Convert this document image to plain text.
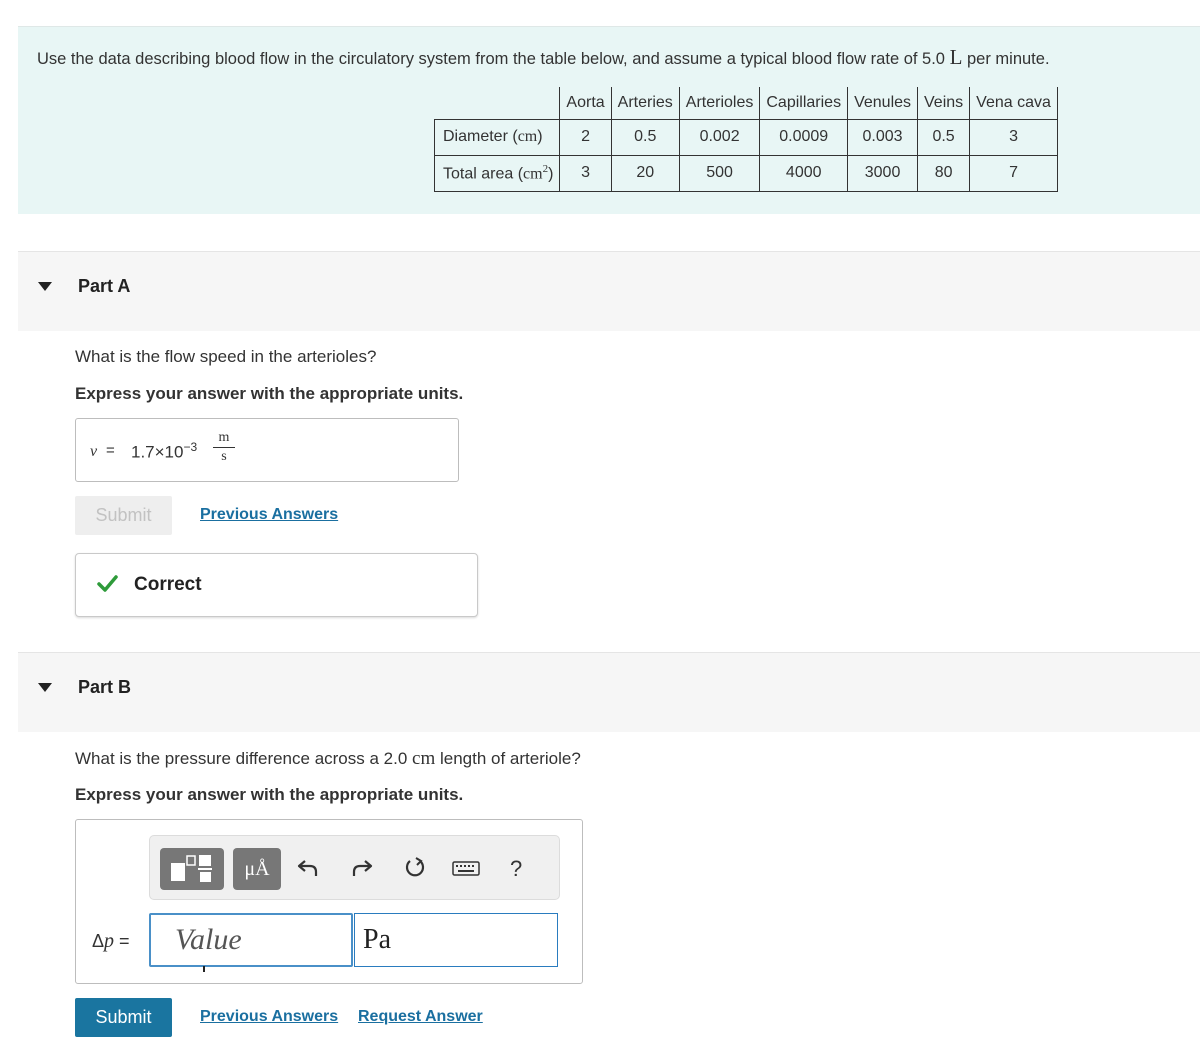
Use the data describing blood flow in the circulatory system from the table below, and assume a typical blood flow rate of 5.0 L per minute.
	Aorta	Arteries	Arterioles	Capillaries	Venules	Veins	Vena cava
Diameter (cm)	2	0.5	0.002	0.0009	0.003	0.5	3
Total area $(cm^2)$	3	20	500	4000	3000	80	7
Part A
What is the flow speed in the arterioles?
Express your answer with the appropriate units.
$v = 1.7\times 10^{-3} \frac{m}{s}$
Submit	Previous Answers
Correct
Part B
What is the pressure difference across a 2.0 cm length of arteriole?
Express your answer with the appropriate units.
μÅ	?
Δp =	Value	Pa
Submit	Previous Answers Request Answer
